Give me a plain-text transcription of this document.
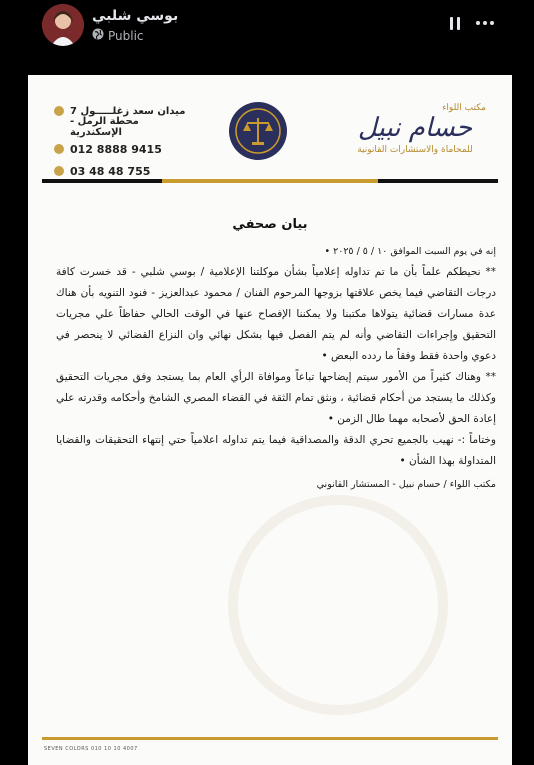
بوسي شلبي
Public
مكتب اللواء
حسام نبيل
للمحاماة والاستشارات القانونية
7 ميدان سعد زغلـــــول
محطة الرمل - الإسكندرية
012 8888 9415
03 48 48 755
بيان صحفي

إنه في يوم السبت الموافق ١٠ / ٥ / ٢٠٢٥ •

** نحيطكم علماً بأن ما تم تداوله إعلامياً بشأن موكلتنا الإعلامية / بوسي شلبي - قد خسرت كافة درجات التقاضي فيما يخص علاقتها بزوجها المرحوم الفنان / محمود عبدالعزيز - فنود التنويه بأن هناك عدة مسارات قضائية يتولاها مكتبنا ولا يمكننا الإفصاح عنها في الوقت الحالي حفاظاً علي مجريات التحقيق وإجراءات التقاضي وأنه لم يتم الفصل فيها بشكل نهائي وان النزاع القضائي لا ينحصر في دعوي واحدة فقط وفقاً ما ردده البعض •

** وهناك كثيراً من الأمور سيتم إيضاحها تباعاً وموافاة الرأي العام بما يستجد وفق مجريات التحقيق وكذلك ما يستجد من أحكام قضائية ، ونثق تمام الثقة في القضاء المصري الشامخ وأحكامه وقدرته علي إعادة الحق لأصحابه مهما طال الزمن •

وختاماً :- نهيب بالجميع تحري الدقة والمصداقية فيما يتم تداوله اعلامياً حتي إنتهاء التحقيقات والقضايا المتداولة بهذا الشأن •

مكتب اللواء / حسام نبيل - المستشار القانوني

SEVEN COLORS 010 10 10 4007
